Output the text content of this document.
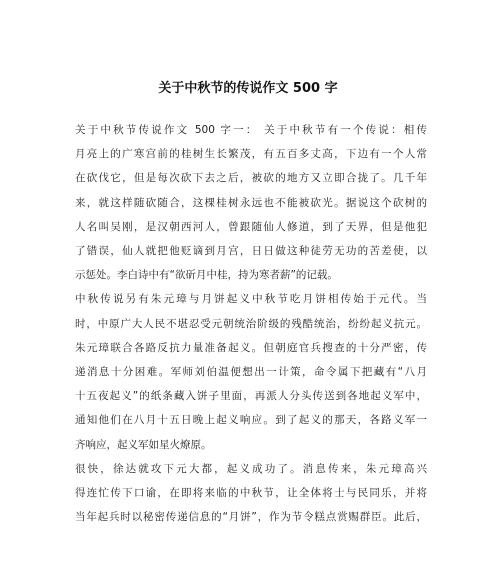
关于中秋节的传说作文 500 字

关于中秋节传说作文 500 字一： 关于中秋节有一个传说：相传
月亮上的广寒宫前的桂树生长繁茂，有五百多丈高，下边有一个人常
在砍伐它，但是每次砍下去之后，被砍的地方又立即合拢了。几千年
来，就这样随砍随合，这棵桂树永远也不能被砍光。据说这个砍树的
人名叫吴刚，是汉朝西河人，曾跟随仙人修道，到了天界，但是他犯
了错误，仙人就把他贬谪到月宫，日日做这种徒劳无功的苦差使，以
示惩处。李白诗中有“欲斫月中桂，持为寒者薪”的记载。

中秋传说另有朱元璋与月饼起义中秋节吃月饼相传始于元代。当
时，中原广大人民不堪忍受元朝统治阶级的残酷统治，纷纷起义抗元。
朱元璋联合各路反抗力量准备起义。但朝庭官兵搜查的十分严密，传
递消息十分困难。军师刘伯温便想出一计策，命令属下把藏有“八月
十五夜起义”的纸条藏入饼子里面，再派人分头传送到各地起义军中，
通知他们在八月十五日晚上起义响应。到了起义的那天，各路义军一
齐响应，起义军如星火燎原。

很快，徐达就攻下元大都，起义成功了。消息传来，朱元璋高兴
得连忙传下口谕，在即将来临的中秋节，让全体将士与民同乐，并将
当年起兵时以秘密传递信息的“月饼”，作为节令糕点赏赐群臣。此后，
